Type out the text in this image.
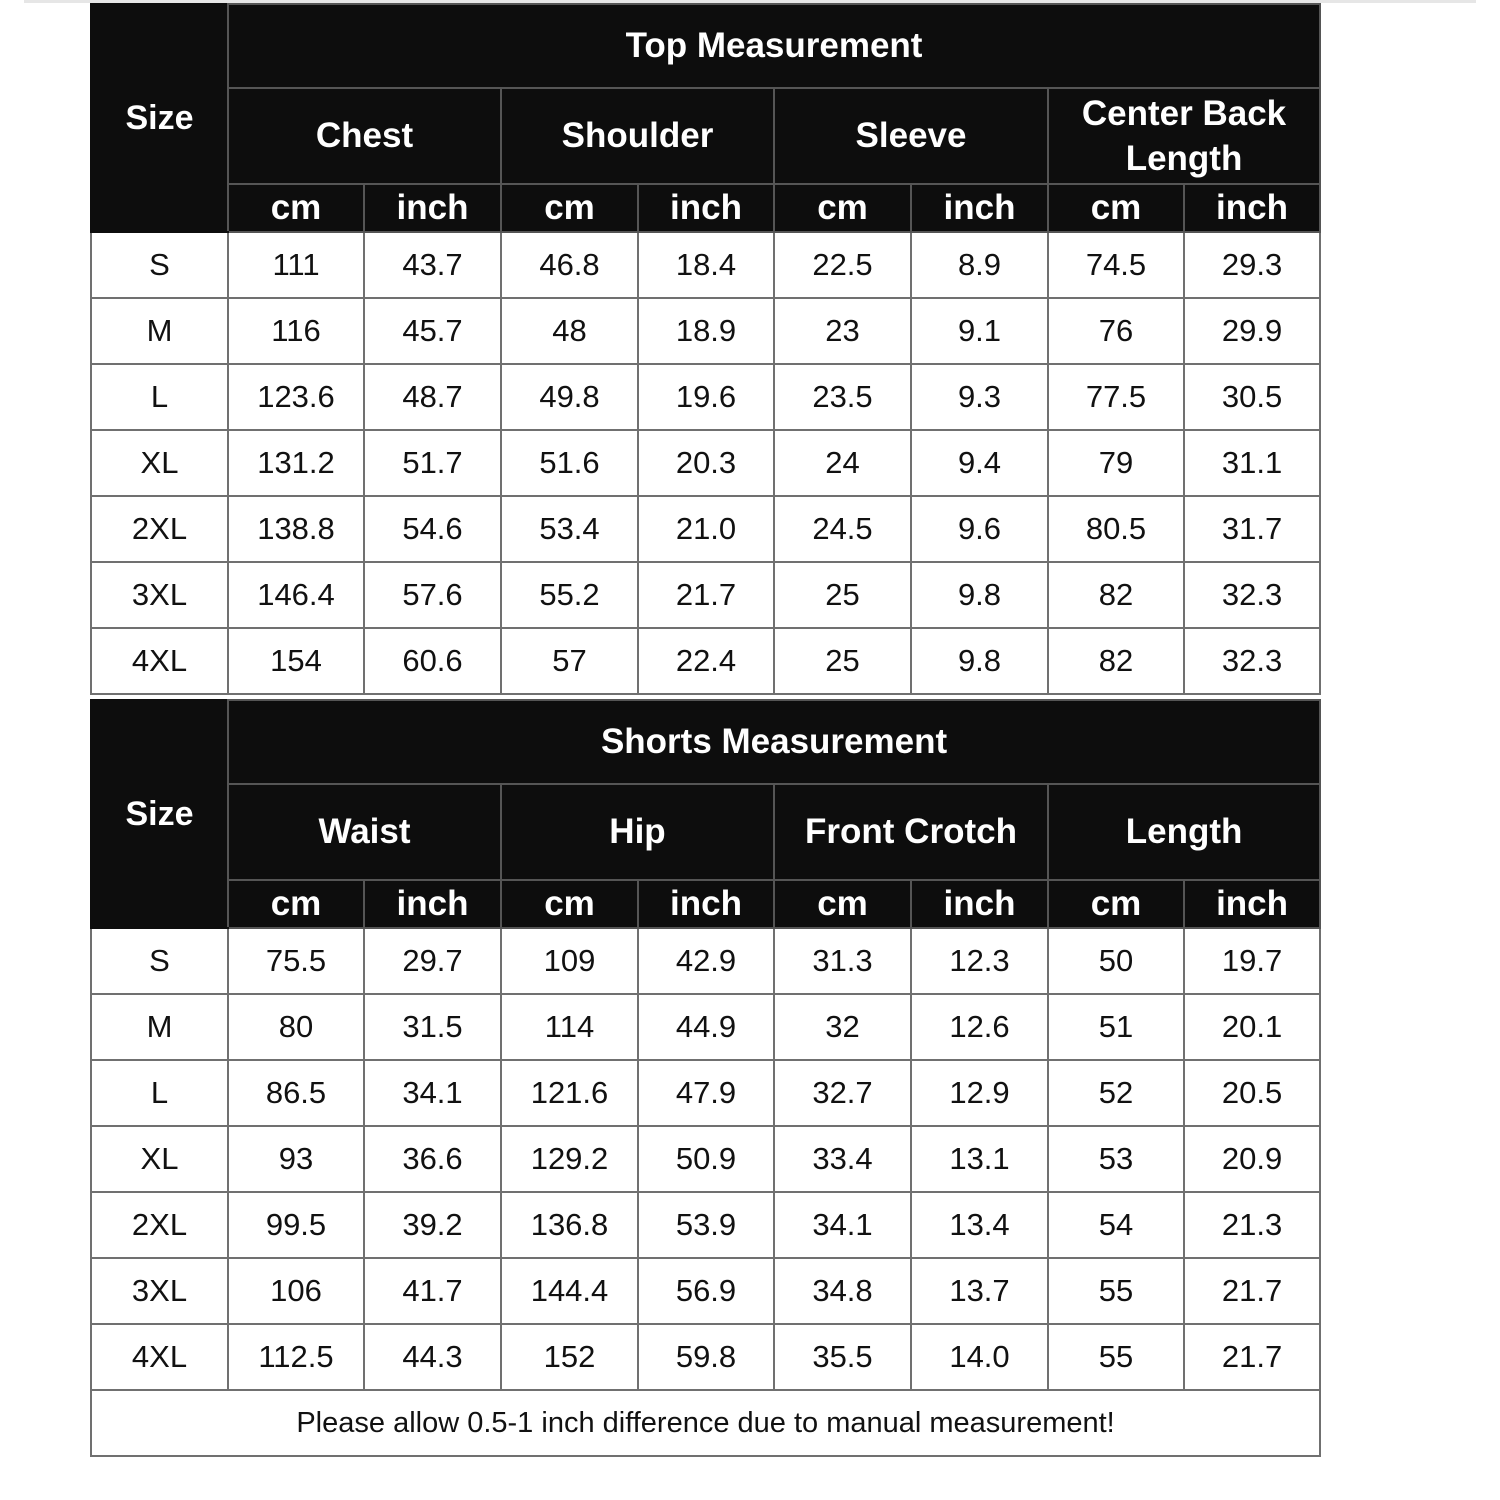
Size	Top Measurement							
	Chest		Shoulder		Sleeve		Center Back Length	
	cm	inch	cm	inch	cm	inch	cm	inch
S	111	43.7	46.8	18.4	22.5	8.9	74.5	29.3
M	116	45.7	48	18.9	23	9.1	76	29.9
L	123.6	48.7	49.8	19.6	23.5	9.3	77.5	30.5
XL	131.2	51.7	51.6	20.3	24	9.4	79	31.1
2XL	138.8	54.6	53.4	21.0	24.5	9.6	80.5	31.7
3XL	146.4	57.6	55.2	21.7	25	9.8	82	32.3
4XL	154	60.6	57	22.4	25	9.8	82	32.3
Size	Shorts Measurement							
	Waist		Hip		Front Crotch		Length	
	cm	inch	cm	inch	cm	inch	cm	inch
S	75.5	29.7	109	42.9	31.3	12.3	50	19.7
M	80	31.5	114	44.9	32	12.6	51	20.1
L	86.5	34.1	121.6	47.9	32.7	12.9	52	20.5
XL	93	36.6	129.2	50.9	33.4	13.1	53	20.9
2XL	99.5	39.2	136.8	53.9	34.1	13.4	54	21.3
3XL	106	41.7	144.4	56.9	34.8	13.7	55	21.7
4XL	112.5	44.3	152	59.8	35.5	14.0	55	21.7
Please allow 0.5-1 inch difference due to manual measurement!								
